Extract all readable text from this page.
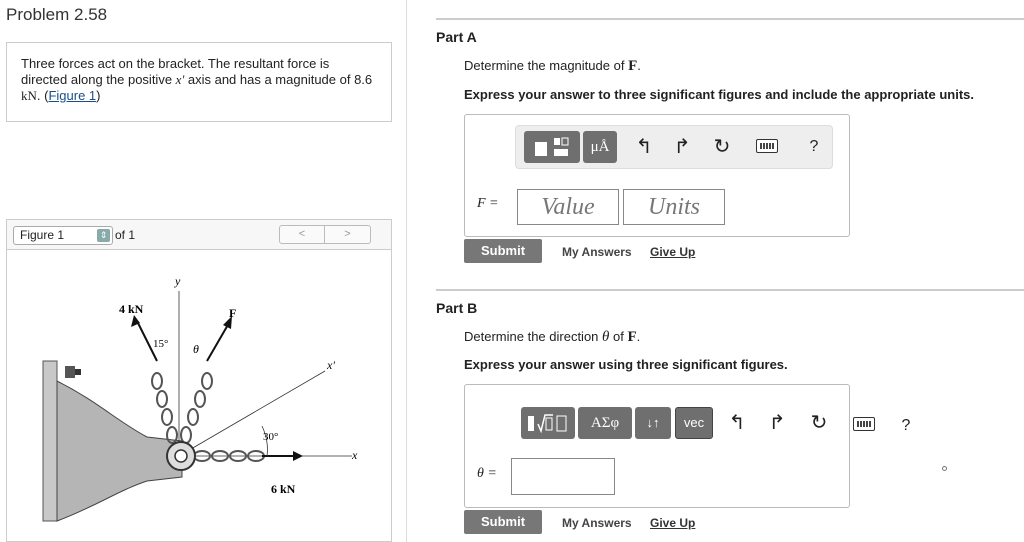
Problem 2.58
Three forces act on the bracket. The resultant force is directed along the positive x' axis and has a magnitude of 8.6 kN. (Figure 1)
Figure 1	⇕ of 1	<	>
y
x
x'
4 kN	F
6 kN
15° θ
30°
Part A
Determine the magnitude of F.
Express your answer to three significant figures and include the appropriate units.
μÅ	↰ ↱ ↻	?
F =	Value	Units
Submit	My Answers Give Up
Part B
Determine the direction θ of F.
Express your answer using three significant figures.
ΑΣφ	↓↑	vec	↰ ↱ ↻
θ =
?
Submit	My Answers Give Up
